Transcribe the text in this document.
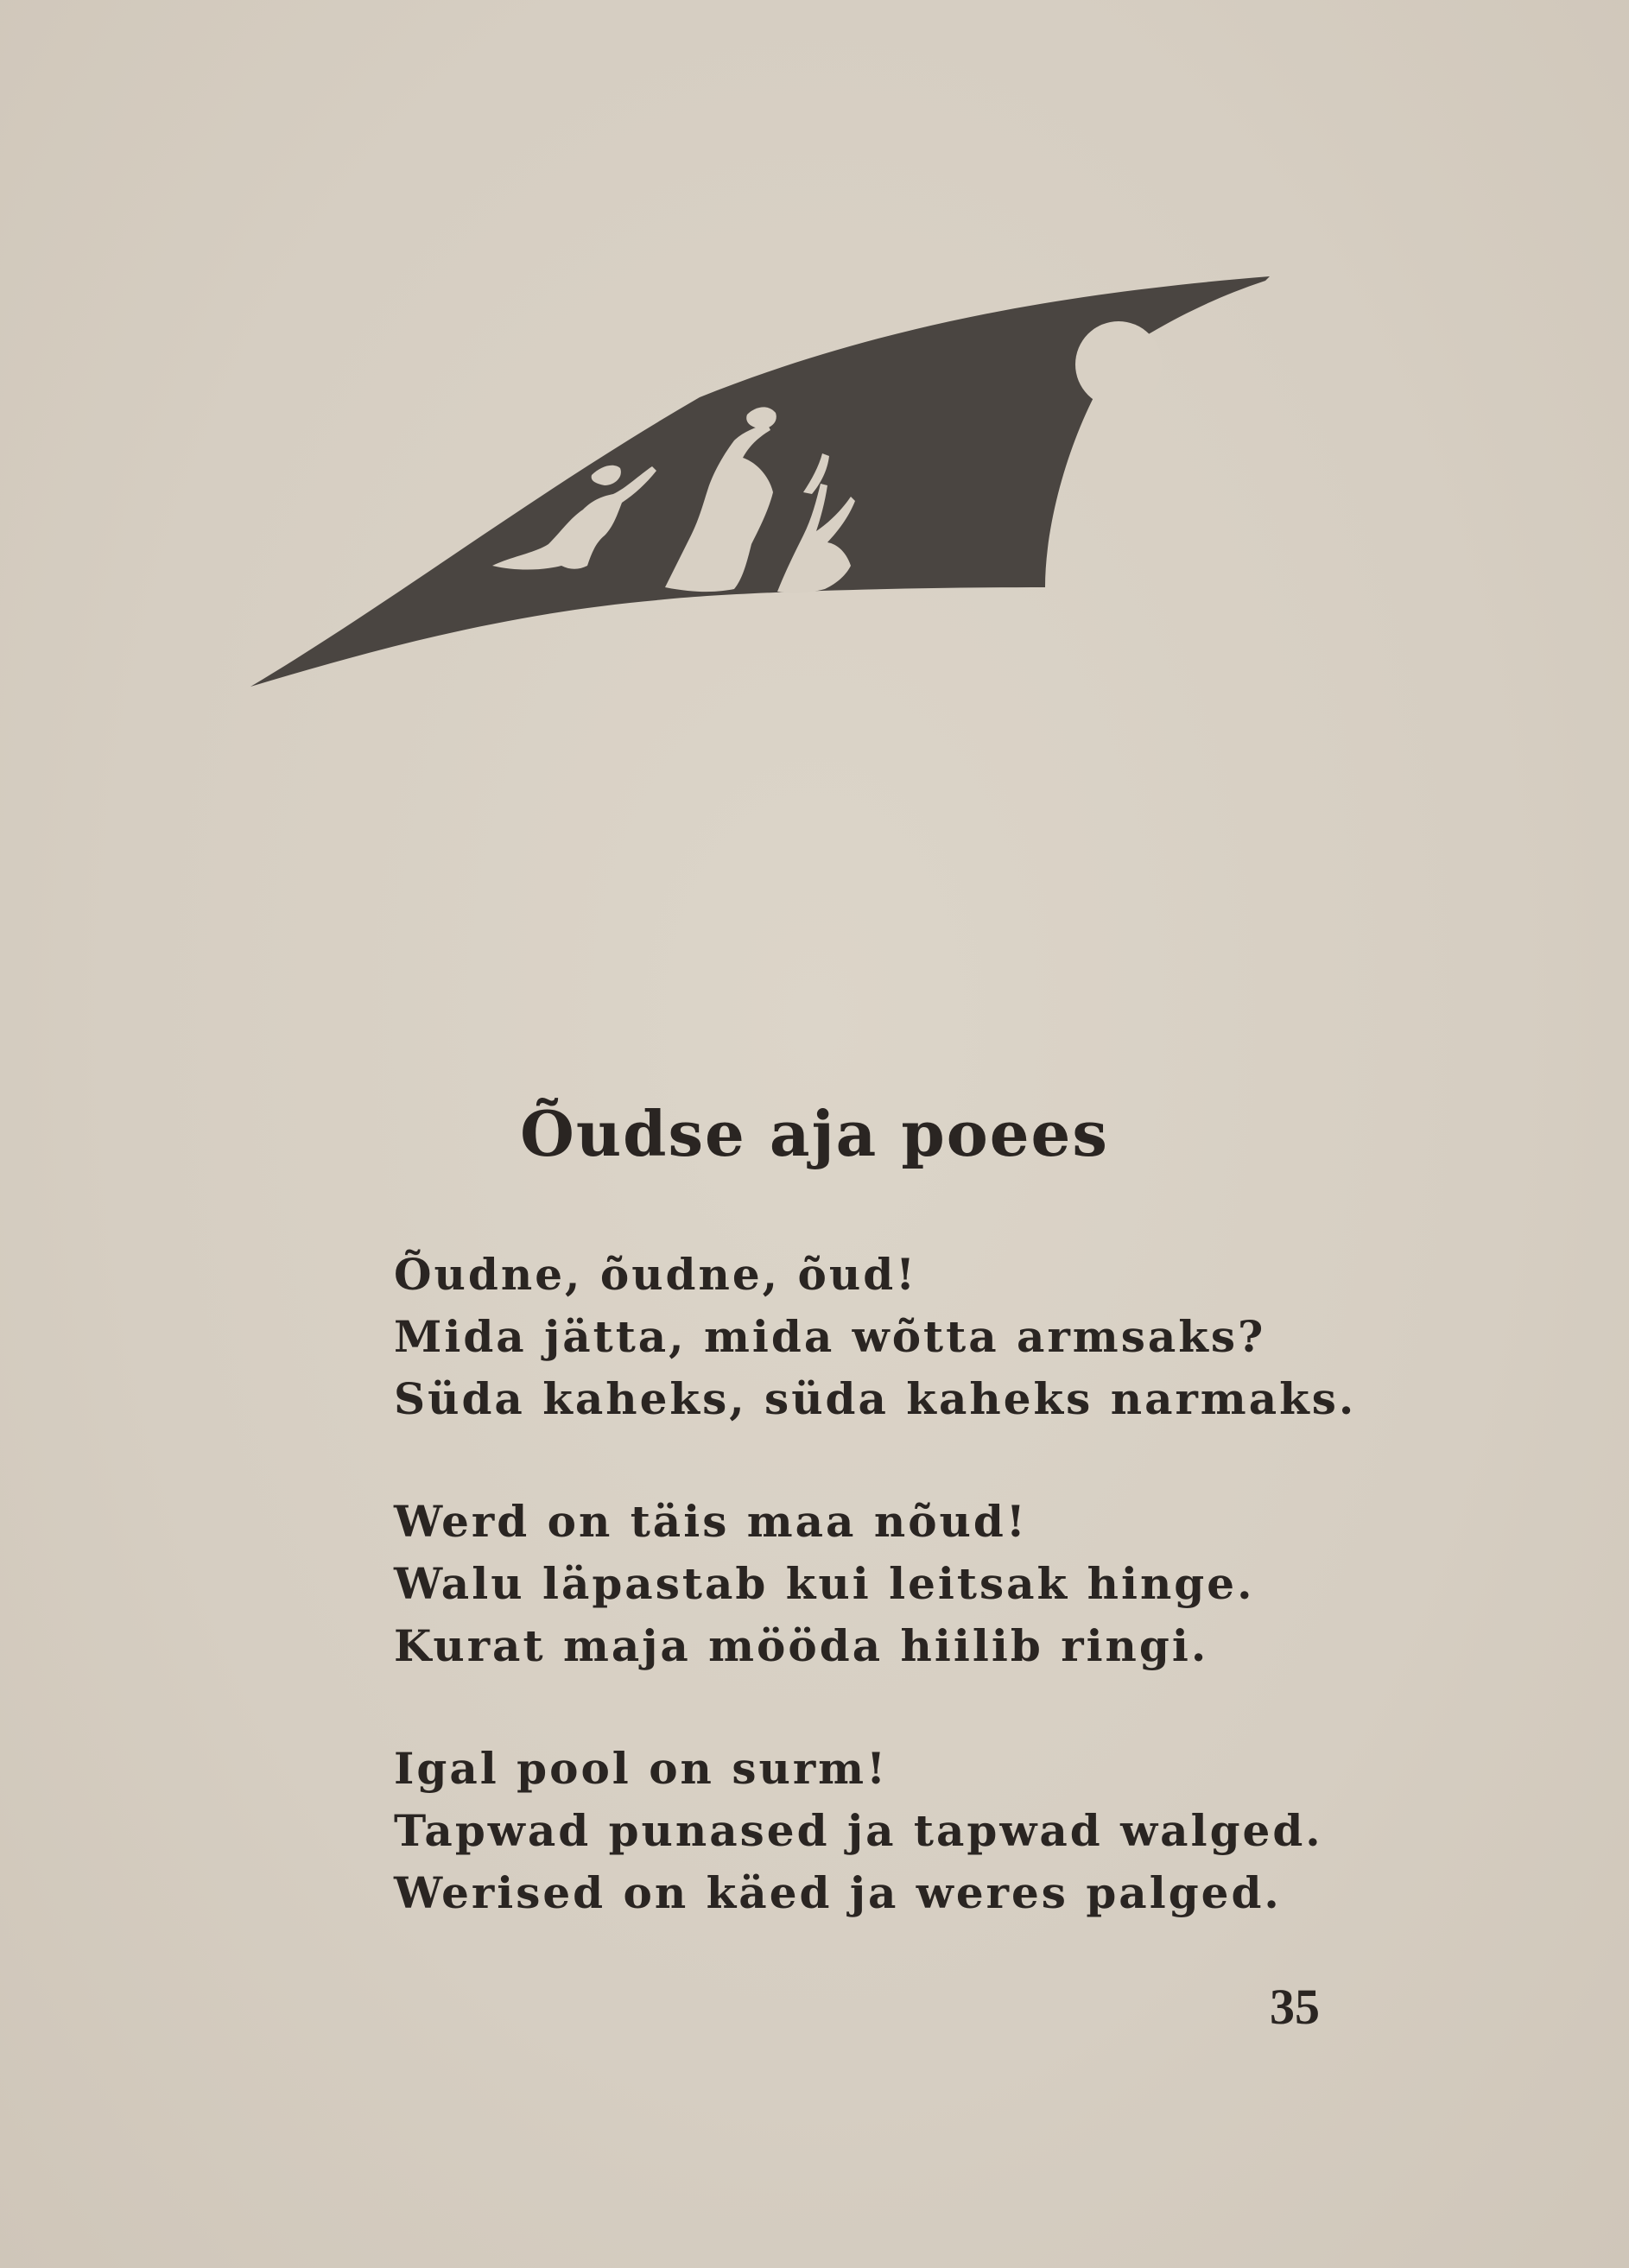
Õudse aja poees
Õudne, õudne, õud!
Mida jätta, mida wõtta armsaks?
Süda kaheks, süda kaheks narmaks.
Werd on täis maa nõud!
Walu läpastab kui leitsak hinge.
Kurat maja mööda hiilib ringi.
Igal pool on surm!
Tapwad punased ja tapwad walged.
Werised on käed ja weres palged.
35
